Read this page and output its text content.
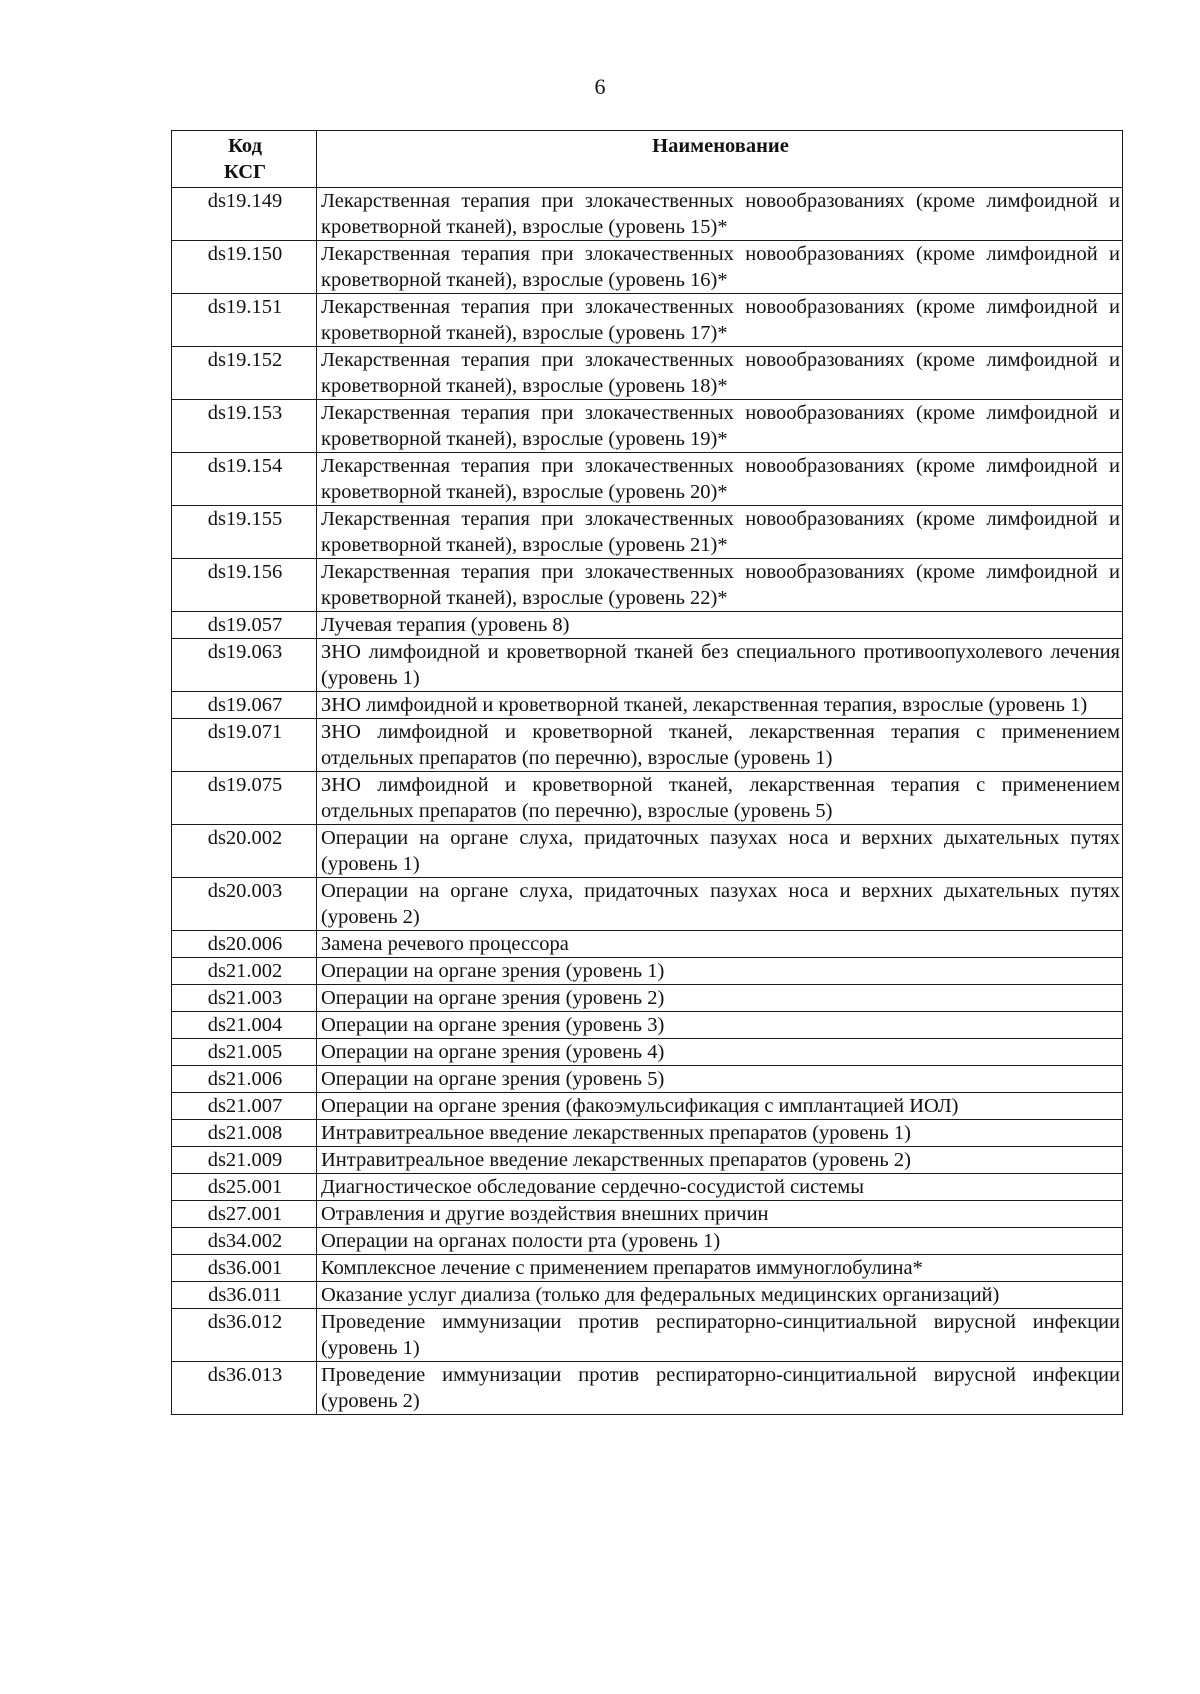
6
Код
КСГ	Наименование
ds19.149	Лекарственная терапия при злокачественных новообразованиях (кроме лимфоидной и кроветворной тканей), взрослые (уровень 15)*
ds19.150	Лекарственная терапия при злокачественных новообразованиях (кроме лимфоидной и кроветворной тканей), взрослые (уровень 16)*
ds19.151	Лекарственная терапия при злокачественных новообразованиях (кроме лимфоидной и кроветворной тканей), взрослые (уровень 17)*
ds19.152	Лекарственная терапия при злокачественных новообразованиях (кроме лимфоидной и кроветворной тканей), взрослые (уровень 18)*
ds19.153	Лекарственная терапия при злокачественных новообразованиях (кроме лимфоидной и кроветворной тканей), взрослые (уровень 19)*
ds19.154	Лекарственная терапия при злокачественных новообразованиях (кроме лимфоидной и кроветворной тканей), взрослые (уровень 20)*
ds19.155	Лекарственная терапия при злокачественных новообразованиях (кроме лимфоидной и кроветворной тканей), взрослые (уровень 21)*
ds19.156	Лекарственная терапия при злокачественных новообразованиях (кроме лимфоидной и кроветворной тканей), взрослые (уровень 22)*
ds19.057	Лучевая терапия (уровень 8)
ds19.063	ЗНО лимфоидной и кроветворной тканей без специального противоопухолевого лечения (уровень 1)
ds19.067	ЗНО лимфоидной и кроветворной тканей, лекарственная терапия, взрослые (уровень 1)
ds19.071	ЗНО лимфоидной и кроветворной тканей, лекарственная терапия с применением отдельных препаратов (по перечню), взрослые (уровень 1)
ds19.075	ЗНО лимфоидной и кроветворной тканей, лекарственная терапия с применением отдельных препаратов (по перечню), взрослые (уровень 5)
ds20.002	Операции на органе слуха, придаточных пазухах носа и верхних дыхательных путях (уровень 1)
ds20.003	Операции на органе слуха, придаточных пазухах носа и верхних дыхательных путях (уровень 2)
ds20.006	Замена речевого процессора
ds21.002	Операции на органе зрения (уровень 1)
ds21.003	Операции на органе зрения (уровень 2)
ds21.004	Операции на органе зрения (уровень 3)
ds21.005	Операции на органе зрения (уровень 4)
ds21.006	Операции на органе зрения (уровень 5)
ds21.007	Операции на органе зрения (факоэмульсификация с имплантацией ИОЛ)
ds21.008	Интравитреальное введение лекарственных препаратов (уровень 1)
ds21.009	Интравитреальное введение лекарственных препаратов (уровень 2)
ds25.001	Диагностическое обследование сердечно-сосудистой системы
ds27.001	Отравления и другие воздействия внешних причин
ds34.002	Операции на органах полости рта (уровень 1)
ds36.001	Комплексное лечение с применением препаратов иммуноглобулина*
ds36.011	Оказание услуг диализа (только для федеральных медицинских организаций)
ds36.012	Проведение иммунизации против респираторно-синцитиальной вирусной инфекции (уровень 1)
ds36.013	Проведение иммунизации против респираторно-синцитиальной вирусной инфекции (уровень 2)
